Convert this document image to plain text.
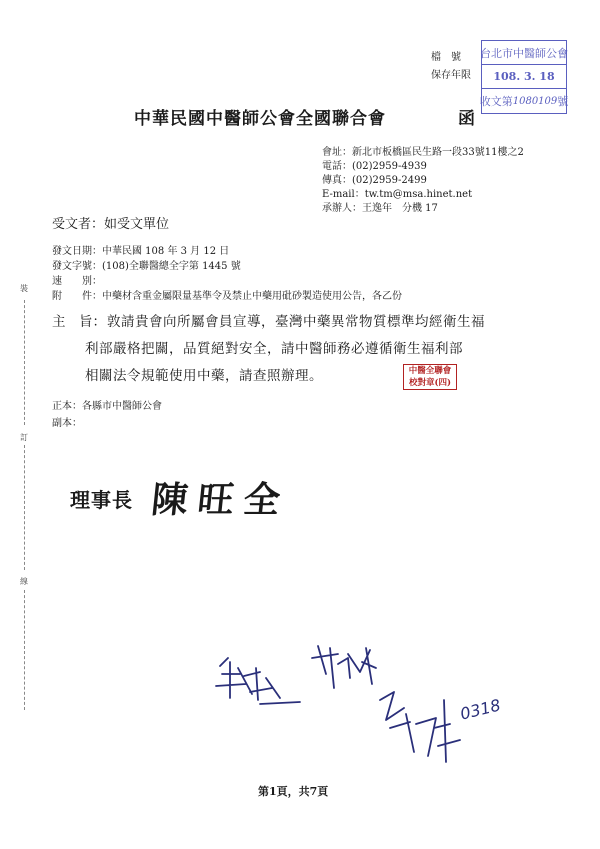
裝
訂
線
檔　號
保存年限
台北市中醫師公會
108. 3. 18
收文第 1080109 號
中華民國中醫師公會全國聯合會	函
會址：新北市板橋區民生路一段33號11樓之2
電話：(02)2959-4939
傳真：(02)2959-2499
E-mail：tw.tm@msa.hinet.net
承辦人：王逸年　分機 17
受文者：如受文單位
發文日期：中華民國 108 年 3 月 12 日
發文字號：(108)全聯醫總全字第 1445 號
速　　別：
附　　件：中藥材含重金屬限量基準令及禁止中藥用砒砂製造使用公告，各乙份
主　旨： 敦請貴會向所屬會員宣導，臺灣中藥異常物質標準均經衛生福
利部嚴格把關，品質絕對安全，請中醫師務必遵循衛生福利部
相關法令規範使用中藥，請查照辦理。	中醫全聯會
校對章(四)
正本：各縣市中醫師公會
副本：
理事長 陳旺全
0318
第1頁，共7頁
